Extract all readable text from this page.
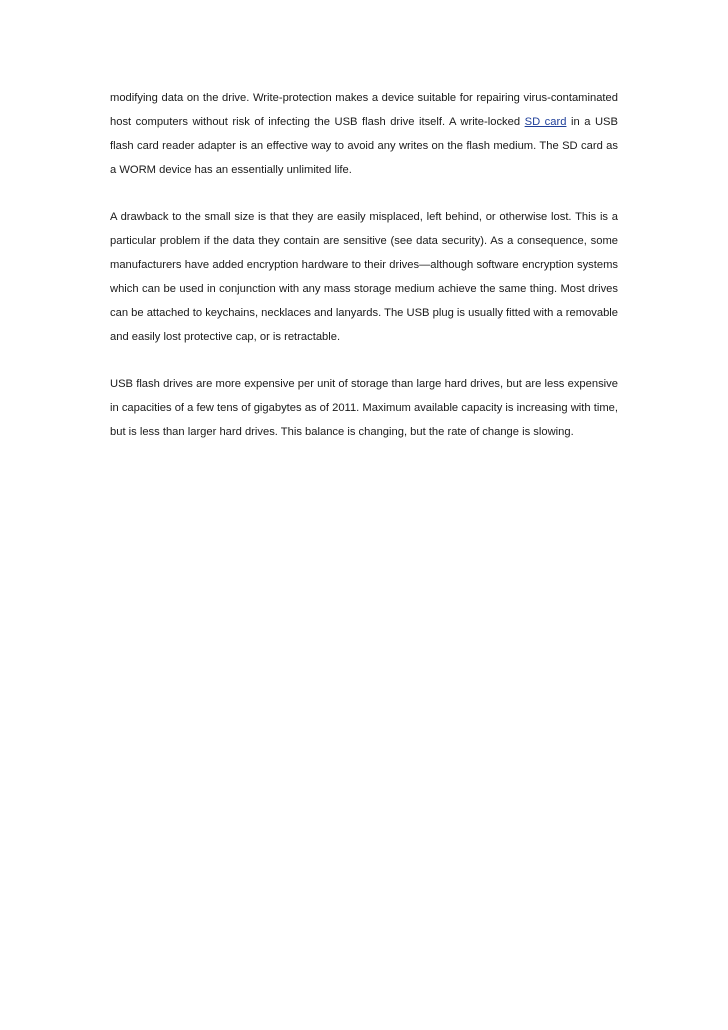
modifying data on the drive. Write-protection makes a device suitable for repairing virus-contaminated host computers without risk of infecting the USB flash drive itself. A write-locked SD card in a USB flash card reader adapter is an effective way to avoid any writes on the flash medium. The SD card as a WORM device has an essentially unlimited life.

A drawback to the small size is that they are easily misplaced, left behind, or otherwise lost. This is a particular problem if the data they contain are sensitive (see data security). As a consequence, some manufacturers have added encryption hardware to their drives—although software encryption systems which can be used in conjunction with any mass storage medium achieve the same thing. Most drives can be attached to keychains, necklaces and lanyards. The USB plug is usually fitted with a removable and easily lost protective cap, or is retractable.

USB flash drives are more expensive per unit of storage than large hard drives, but are less expensive in capacities of a few tens of gigabytes as of 2011. Maximum available capacity is increasing with time, but is less than larger hard drives. This balance is changing, but the rate of change is slowing.
